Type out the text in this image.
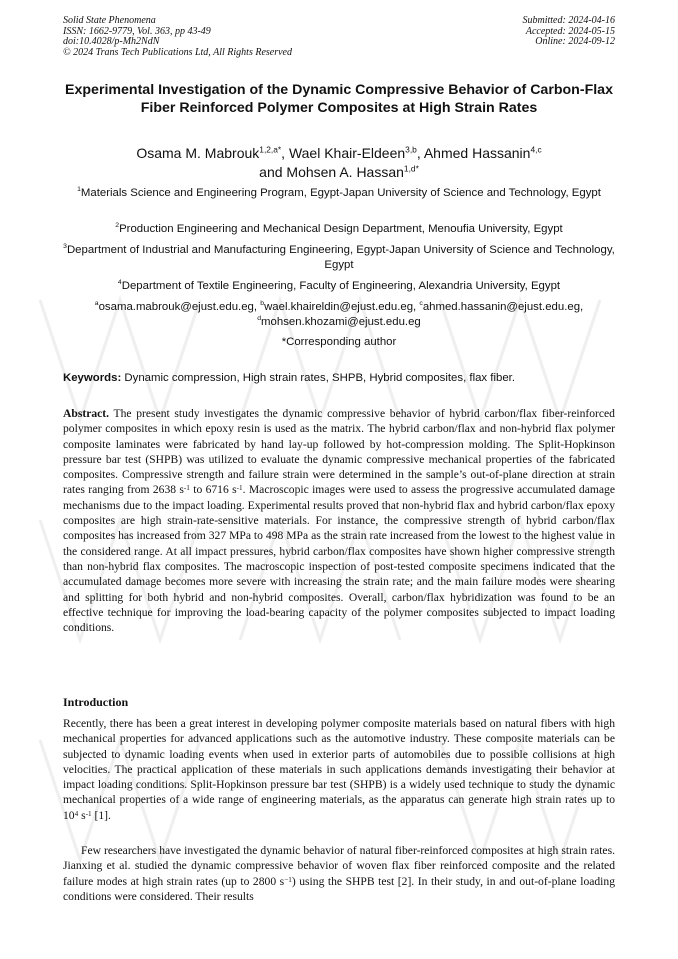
Solid State Phenomena
ISSN: 1662-9779, Vol. 363, pp 43-49
doi:10.4028/p-Mh2NdN
© 2024 Trans Tech Publications Ltd, All Rights Reserved
Submitted: 2024-04-16
Accepted: 2024-05-15
Online: 2024-09-12
Experimental Investigation of the Dynamic Compressive Behavior of Carbon-Flax Fiber Reinforced Polymer Composites at High Strain Rates
Osama M. Mabrouk$^{1,2,a*}$, Wael Khair-Eldeen$^{3,b}$, Ahmed Hassanin$^{4,c}$
and Mohsen A. Hassan$^{1,d*}$
$^1$Materials Science and Engineering Program, Egypt-Japan University of Science and Technology, Egypt
$^2$Production Engineering and Mechanical Design Department, Menoufia University, Egypt
$^3$Department of Industrial and Manufacturing Engineering, Egypt-Japan University of Science and Technology, Egypt
$^4$Department of Textile Engineering, Faculty of Engineering, Alexandria University, Egypt
$^a$osama.mabrouk@ejust.edu.eg, $^b$wael.khaireldin@ejust.edu.eg, $^c$ahmed.hassanin@ejust.edu.eg,
$^d$mohsen.khozami@ejust.edu.eg
*Corresponding author
Keywords: Dynamic compression, High strain rates, SHPB, Hybrid composites, flax fiber.
Abstract. The present study investigates the dynamic compressive behavior of hybrid carbon/flax fiber-reinforced polymer composites in which epoxy resin is used as the matrix. The hybrid carbon/flax and non-hybrid flax polymer composite laminates were fabricated by hand lay-up followed by hot-compression molding. The Split-Hopkinson pressure bar test (SHPB) was utilized to evaluate the dynamic compressive mechanical properties of the fabricated composites. Compressive strength and failure strain were determined in the sample’s out-of-plane direction at strain rates ranging from 2638 $s^{-1}$ to 6716 $s^{-1}$. Macroscopic images were used to assess the progressive accumulated damage mechanisms due to the impact loading. Experimental results proved that non-hybrid flax and hybrid carbon/flax epoxy composites are high strain-rate-sensitive materials. For instance, the compressive strength of hybrid carbon/flax composites has increased from 327 MPa to 498 MPa as the strain rate increased from the lowest to the highest value in the considered range. At all impact pressures, hybrid carbon/flax composites have shown higher compressive strength than non-hybrid flax composites. The macroscopic inspection of post-tested composite specimens indicated that the accumulated damage becomes more severe with increasing the strain rate; and the main failure modes were shearing and splitting for both hybrid and non-hybrid composites. Overall, carbon/flax hybridization was found to be an effective technique for improving the load-bearing capacity of the polymer composites subjected to impact loading conditions.
Introduction
Recently, there has been a great interest in developing polymer composite materials based on natural fibers with high mechanical properties for advanced applications such as the automotive industry. These composite materials can be subjected to dynamic loading events when used in exterior parts of automobiles due to possible collisions at high velocities. The practical application of these materials in such applications demands investigating their behavior at impact loading conditions. Split-Hopkinson pressure bar test (SHPB) is a widely used technique to study the dynamic mechanical properties of a wide range of engineering materials, as the apparatus can generate high strain rates up to $10^4$ $s^{-1}$ [1].
Few researchers have investigated the dynamic behavior of natural fiber-reinforced composites at high strain rates. Jianxing et al. studied the dynamic compressive behavior of woven flax fiber reinforced composite and the related failure modes at high strain rates (up to 2800 $s^{-1}$) using the SHPB test [2]. In their study, in and out-of-plane loading conditions were considered. Their results
